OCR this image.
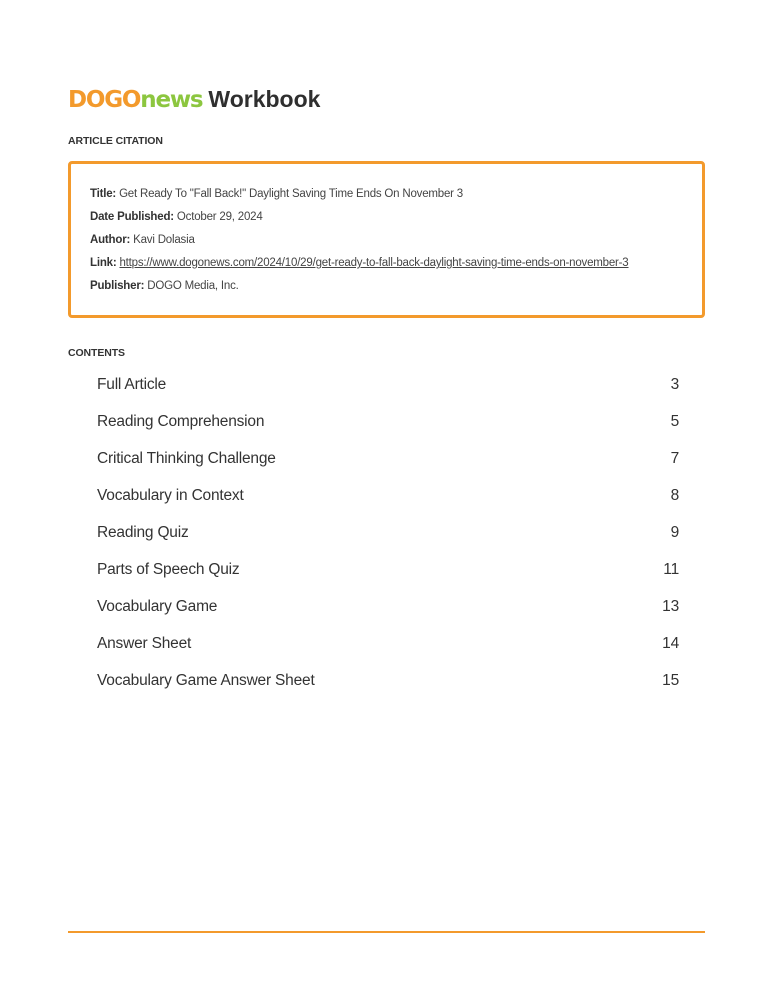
DOGO news Workbook
ARTICLE CITATION
Title: Get Ready To "Fall Back!" Daylight Saving Time Ends On November 3
Date Published: October 29, 2024
Author: Kavi Dolasia
Link: https://www.dogonews.com/2024/10/29/get-ready-to-fall-back-daylight-saving-time-ends-on-november-3
Publisher: DOGO Media, Inc.
CONTENTS
Full Article	3
Reading Comprehension	5
Critical Thinking Challenge	7
Vocabulary in Context	8
Reading Quiz	9
Parts of Speech Quiz	11
Vocabulary Game	13
Answer Sheet	14
Vocabulary Game Answer Sheet	15
